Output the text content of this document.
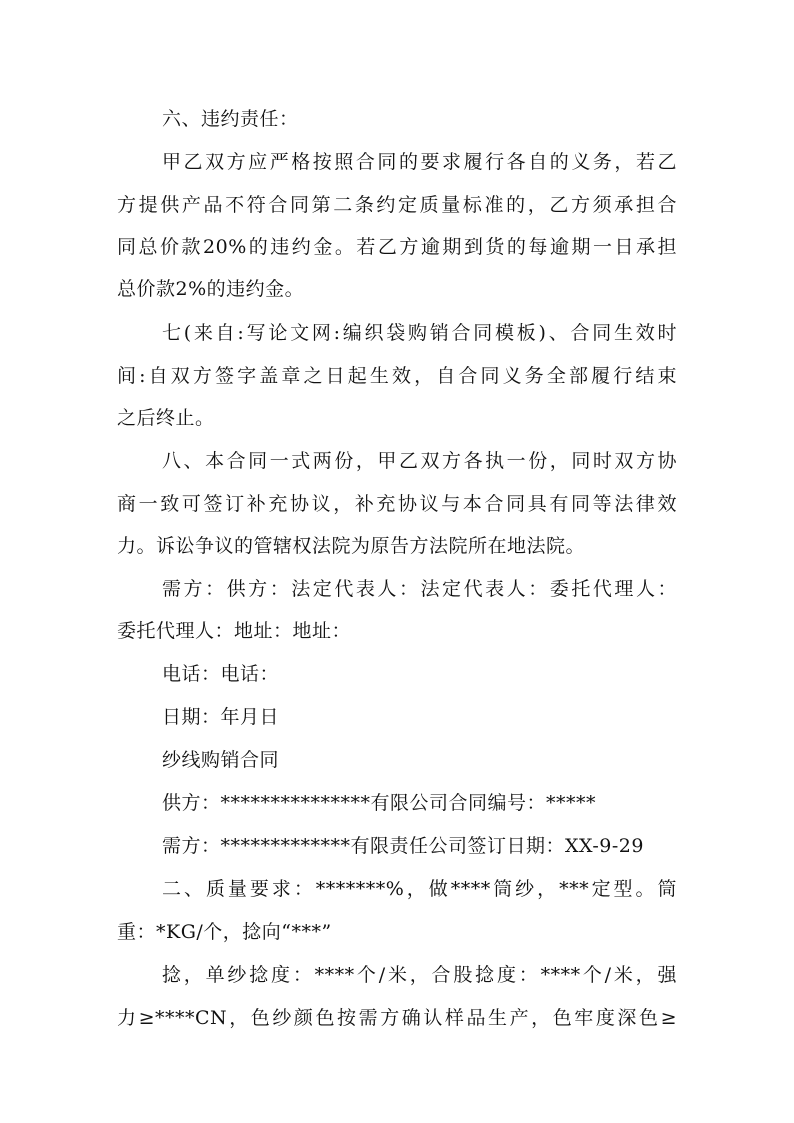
六、违约责任：
甲乙双方应严格按照合同的要求履行各自的义务，若乙
方提供产品不符合同第二条约定质量标准的，乙方须承担合
同总价款20%的违约金。若乙方逾期到货的每逾期一日承担
总价款2%的违约金。
七(来自:写论文网:编织袋购销合同模板)、合同生效时
间:自双方签字盖章之日起生效，自合同义务全部履行结束
之后终止。
八、本合同一式两份，甲乙双方各执一份，同时双方协
商一致可签订补充协议，补充协议与本合同具有同等法律效
力。诉讼争议的管辖权法院为原告方法院所在地法院。
需方：供方：法定代表人：法定代表人：委托代理人：
委托代理人：地址：地址：
电话：电话：
日期：年月日
纱线购销合同
供方：***************有限公司合同编号：*****
需方：*************有限责任公司签订日期：XX-9-29
二、质量要求：*******%，做****筒纱，***定型。筒
重：*KG/个，捻向“***”
捻，单纱捻度：****个/米，合股捻度：****个/米，强
力≥****CN，色纱颜色按需方确认样品生产，色牢度深色≥
